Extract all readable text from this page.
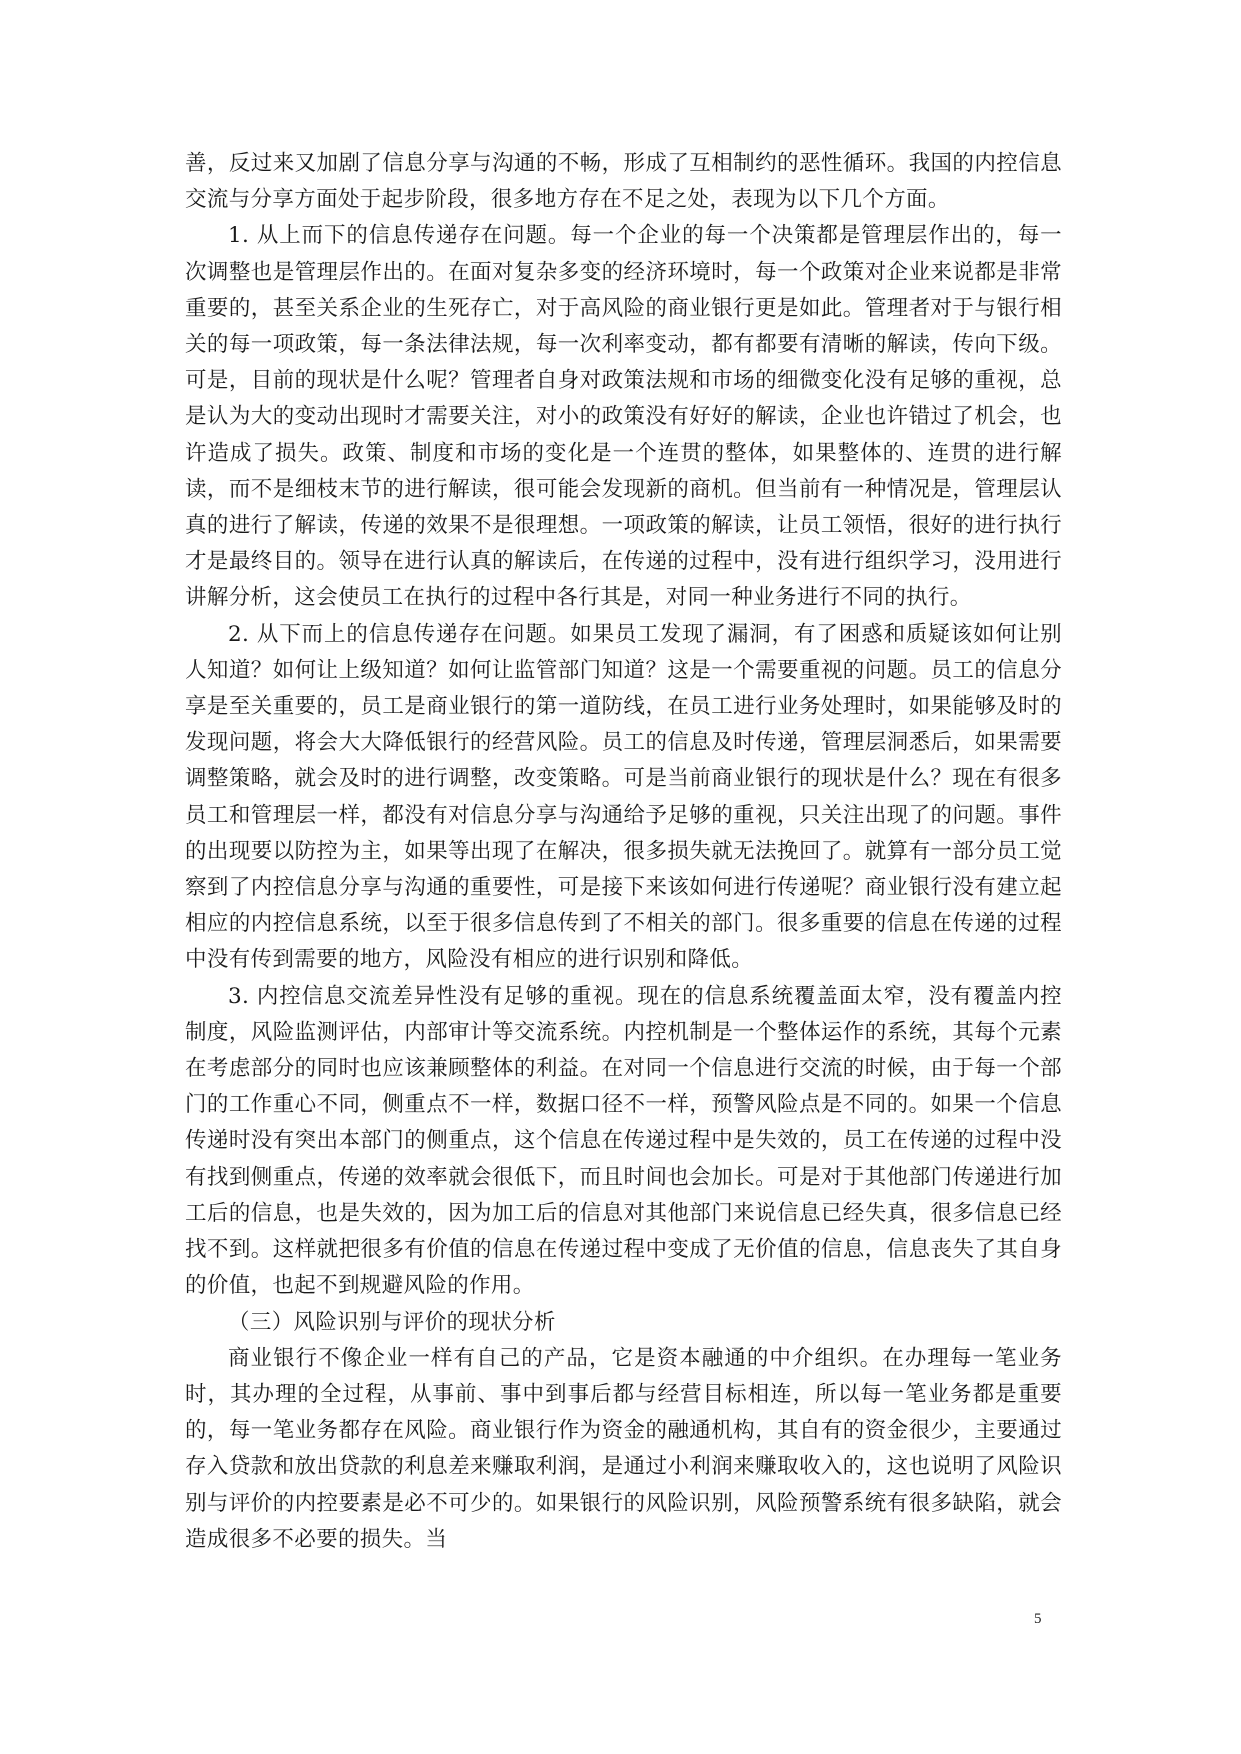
善，反过来又加剧了信息分享与沟通的不畅，形成了互相制约的恶性循环。我国的内控信息交流与分享方面处于起步阶段，很多地方存在不足之处，表现为以下几个方面。

1. 从上而下的信息传递存在问题。每一个企业的每一个决策都是管理层作出的，每一次调整也是管理层作出的。在面对复杂多变的经济环境时，每一个政策对企业来说都是非常重要的，甚至关系企业的生死存亡，对于高风险的商业银行更是如此。管理者对于与银行相关的每一项政策，每一条法律法规，每一次利率变动，都有都要有清晰的解读，传向下级。可是，目前的现状是什么呢？管理者自身对政策法规和市场的细微变化没有足够的重视，总是认为大的变动出现时才需要关注，对小的政策没有好好的解读，企业也许错过了机会，也许造成了损失。政策、制度和市场的变化是一个连贯的整体，如果整体的、连贯的进行解读，而不是细枝末节的进行解读，很可能会发现新的商机。但当前有一种情况是，管理层认真的进行了解读，传递的效果不是很理想。一项政策的解读，让员工领悟，很好的进行执行才是最终目的。领导在进行认真的解读后，在传递的过程中，没有进行组织学习，没用进行讲解分析，这会使员工在执行的过程中各行其是，对同一种业务进行不同的执行。

2. 从下而上的信息传递存在问题。如果员工发现了漏洞，有了困惑和质疑该如何让别人知道？如何让上级知道？如何让监管部门知道？这是一个需要重视的问题。员工的信息分享是至关重要的，员工是商业银行的第一道防线，在员工进行业务处理时，如果能够及时的发现问题，将会大大降低银行的经营风险。员工的信息及时传递，管理层洞悉后，如果需要调整策略，就会及时的进行调整，改变策略。可是当前商业银行的现状是什么？现在有很多员工和管理层一样，都没有对信息分享与沟通给予足够的重视，只关注出现了的问题。事件的出现要以防控为主，如果等出现了在解决，很多损失就无法挽回了。就算有一部分员工觉察到了内控信息分享与沟通的重要性，可是接下来该如何进行传递呢？商业银行没有建立起相应的内控信息系统，以至于很多信息传到了不相关的部门。很多重要的信息在传递的过程中没有传到需要的地方，风险没有相应的进行识别和降低。

3. 内控信息交流差异性没有足够的重视。现在的信息系统覆盖面太窄，没有覆盖内控制度，风险监测评估，内部审计等交流系统。内控机制是一个整体运作的系统，其每个元素在考虑部分的同时也应该兼顾整体的利益。在对同一个信息进行交流的时候，由于每一个部门的工作重心不同，侧重点不一样，数据口径不一样，预警风险点是不同的。如果一个信息传递时没有突出本部门的侧重点，这个信息在传递过程中是失效的，员工在传递的过程中没有找到侧重点，传递的效率就会很低下，而且时间也会加长。可是对于其他部门传递进行加工后的信息，也是失效的，因为加工后的信息对其他部门来说信息已经失真，很多信息已经找不到。这样就把很多有价值的信息在传递过程中变成了无价值的信息，信息丧失了其自身的价值，也起不到规避风险的作用。

（三）风险识别与评价的现状分析

商业银行不像企业一样有自己的产品，它是资本融通的中介组织。在办理每一笔业务时，其办理的全过程，从事前、事中到事后都与经营目标相连，所以每一笔业务都是重要的，每一笔业务都存在风险。商业银行作为资金的融通机构，其自有的资金很少，主要通过存入贷款和放出贷款的利息差来赚取利润，是通过小利润来赚取收入的，这也说明了风险识别与评价的内控要素是必不可少的。如果银行的风险识别，风险预警系统有很多缺陷，就会造成很多不必要的损失。当

5
